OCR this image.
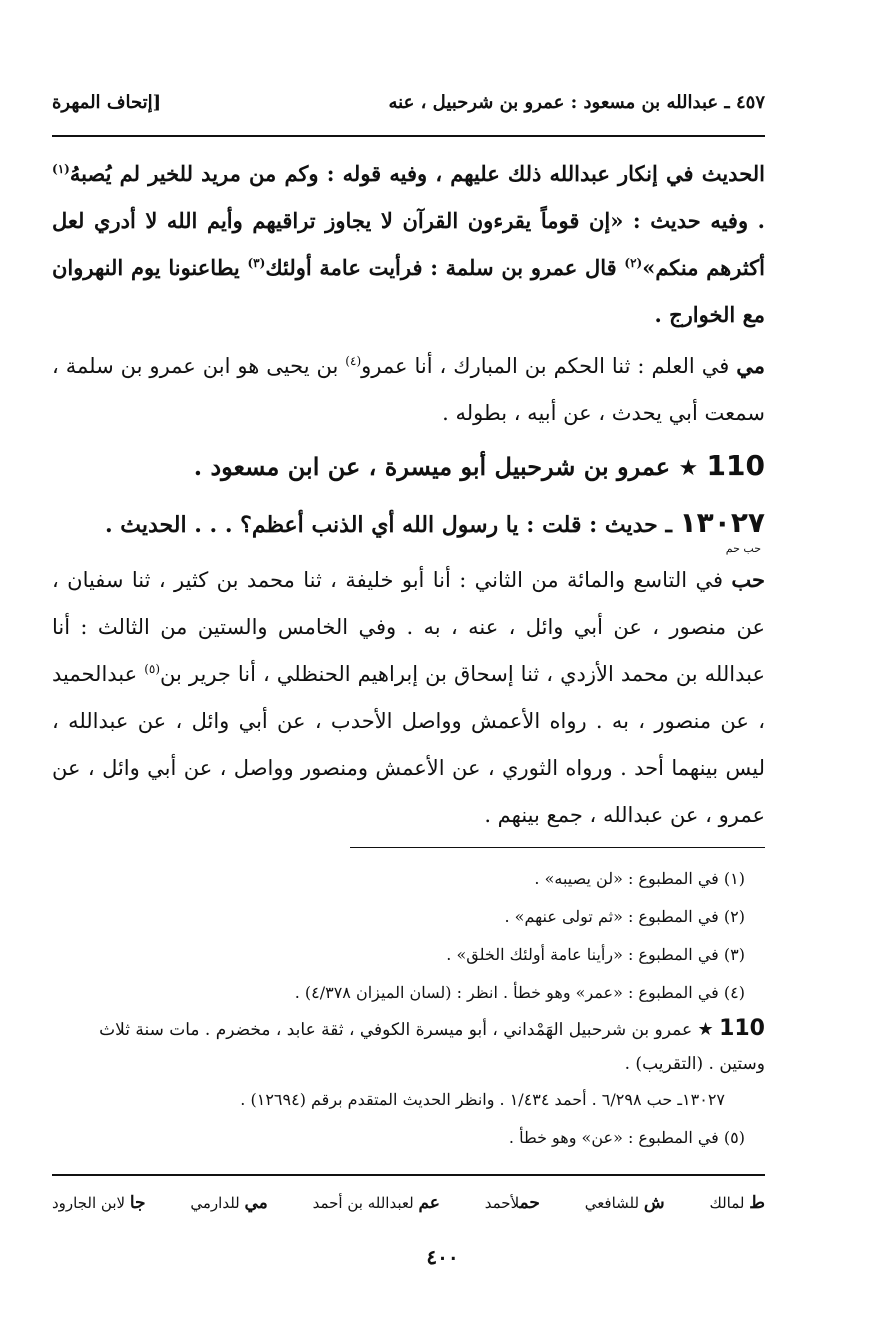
٤٥٧ ـ عبدالله بن مسعود : عمرو بن شرحبيل ، عنه
[إتحاف المهرة

الحديث في إنكار عبدالله ذلك عليهم ، وفيه قوله : وكم من مريد للخير لم يُصبهُ$^{(١)}$ . وفيه حديث : «إن قوماً يقرءون القرآن لا يجاوز تراقيهم وأيم الله لا أدري لعل أكثرهم منكم»$^{(٢)}$ قال عمرو بن سلمة : فرأيت عامة أولئك$^{(٣)}$ يطاعنونا يوم النهروان مع الخوارج .

مي في العلم : ثنا الحكم بن المبارك ، أنا عمرو$^{(٤)}$ بن يحيى هو ابن عمرو بن سلمة ، سمعت أبي يحدث ، عن أبيه ، بطوله .

110 ★ عمرو بن شرحبيل أبو ميسرة ، عن ابن مسعود .

١٣٠٢٧ ـ حديث : قلت : يا رسول الله أي الذنب أعظم؟ . . . الحديث .

حب حم

حب في التاسع والمائة من الثاني : أنا أبو خليفة ، ثنا محمد بن كثير ، ثنا سفيان ، عن منصور ، عن أبي وائل ، عنه ، به . وفي الخامس والستين من الثالث : أنا عبدالله بن محمد الأزدي ، ثنا إسحاق بن إبراهيم الحنظلي ، أنا جرير بن$^{(٥)}$ عبدالحميد ، عن منصور ، به . رواه الأعمش وواصل الأحدب ، عن أبي وائل ، عن عبدالله ، ليس بينهما أحد . ورواه الثوري ، عن الأعمش ومنصور وواصل ، عن أبي وائل ، عن عمرو ، عن عبدالله ، جمع بينهم .

(١) في المطبوع : «لن يصيبه» .

(٢) في المطبوع : «ثم تولى عنهم» .

(٣) في المطبوع : «رأينا عامة أولئك الخلق» .

(٤) في المطبوع : «عمر» وهو خطأ . انظر : (لسان الميزان ٤/٣٧٨) .

110 ★ عمرو بن شرحبيل الهَمْداني ، أبو ميسرة الكوفي ، ثقة عابد ، مخضرم . مات سنة ثلاث وستين . (التقريب) .

١٣٠٢٧ـ حب ٦/٢٩٨ . أحمد ١/٤٣٤ . وانظر الحديث المتقدم برقم (١٢٦٩٤) .

(٥) في المطبوع : «عن» وهو خطأ .

ط لمالك
ش للشافعي
حملأحمد
عم لعبدالله بن أحمد
مي للدارمي
جا لابن الجارود
٤٠٠
